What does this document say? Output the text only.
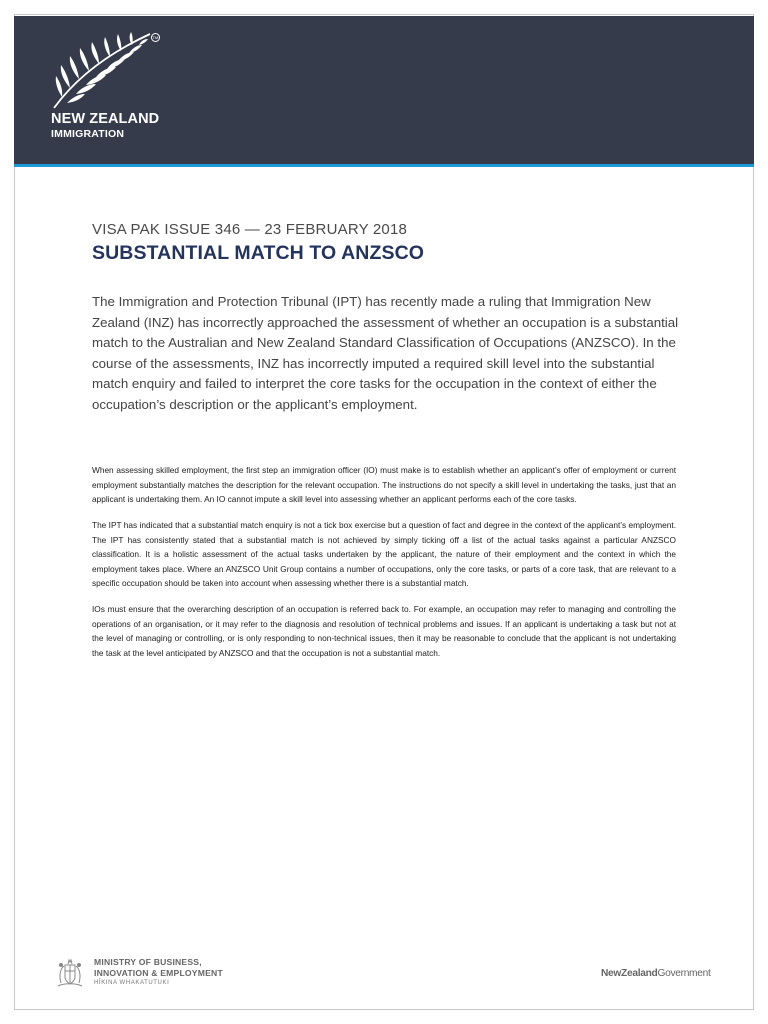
TM
NEW ZEALAND
IMMIGRATION
VISA PAK ISSUE 346 — 23 FEBRUARY 2018
SUBSTANTIAL MATCH TO ANZSCO

The Immigration and Protection Tribunal (IPT) has recently made a ruling that Immigration New Zealand (INZ) has incorrectly approached the assessment of whether an occupation is a substantial match to the Australian and New Zealand Standard Classification of Occupations (ANZSCO). In the course of the assessments, INZ has incorrectly imputed a required skill level into the substantial match enquiry and failed to interpret the core tasks for the occupation in the context of either the occupation’s description or the applicant’s employment.

When assessing skilled employment, the first step an immigration officer (IO) must make is to establish whether an applicant’s offer of employment or current employment substantially matches the description for the relevant occupation. The instructions do not specify a skill level in undertaking the tasks, just that an applicant is undertaking them. An IO cannot impute a skill level into assessing whether an applicant performs each of the core tasks.

The IPT has indicated that a substantial match enquiry is not a tick box exercise but a question of fact and degree in the context of the applicant’s employment. The IPT has consistently stated that a substantial match is not achieved by simply ticking off a list of the actual tasks against a particular ANZSCO classification. It is a holistic assessment of the actual tasks undertaken by the applicant, the nature of their employment and the context in which the employment takes place. Where an ANZSCO Unit Group contains a number of occupations, only the core tasks, or parts of a core task, that are relevant to a specific occupation should be taken into account when assessing whether there is a substantial match.

IOs must ensure that the overarching description of an occupation is referred back to. For example, an occupation may refer to managing and controlling the operations of an organisation, or it may refer to the diagnosis and resolution of technical problems and issues. If an applicant is undertaking a task but not at the level of managing or controlling, or is only responding to non-technical issues, then it may be reasonable to conclude that the applicant is not undertaking the task at the level anticipated by ANZSCO and that the occupation is not a substantial match.

MINISTRY OF BUSINESS,
INNOVATION & EMPLOYMENT
HĪKINA WHAKATUTUKI
NewZealandGovernment
